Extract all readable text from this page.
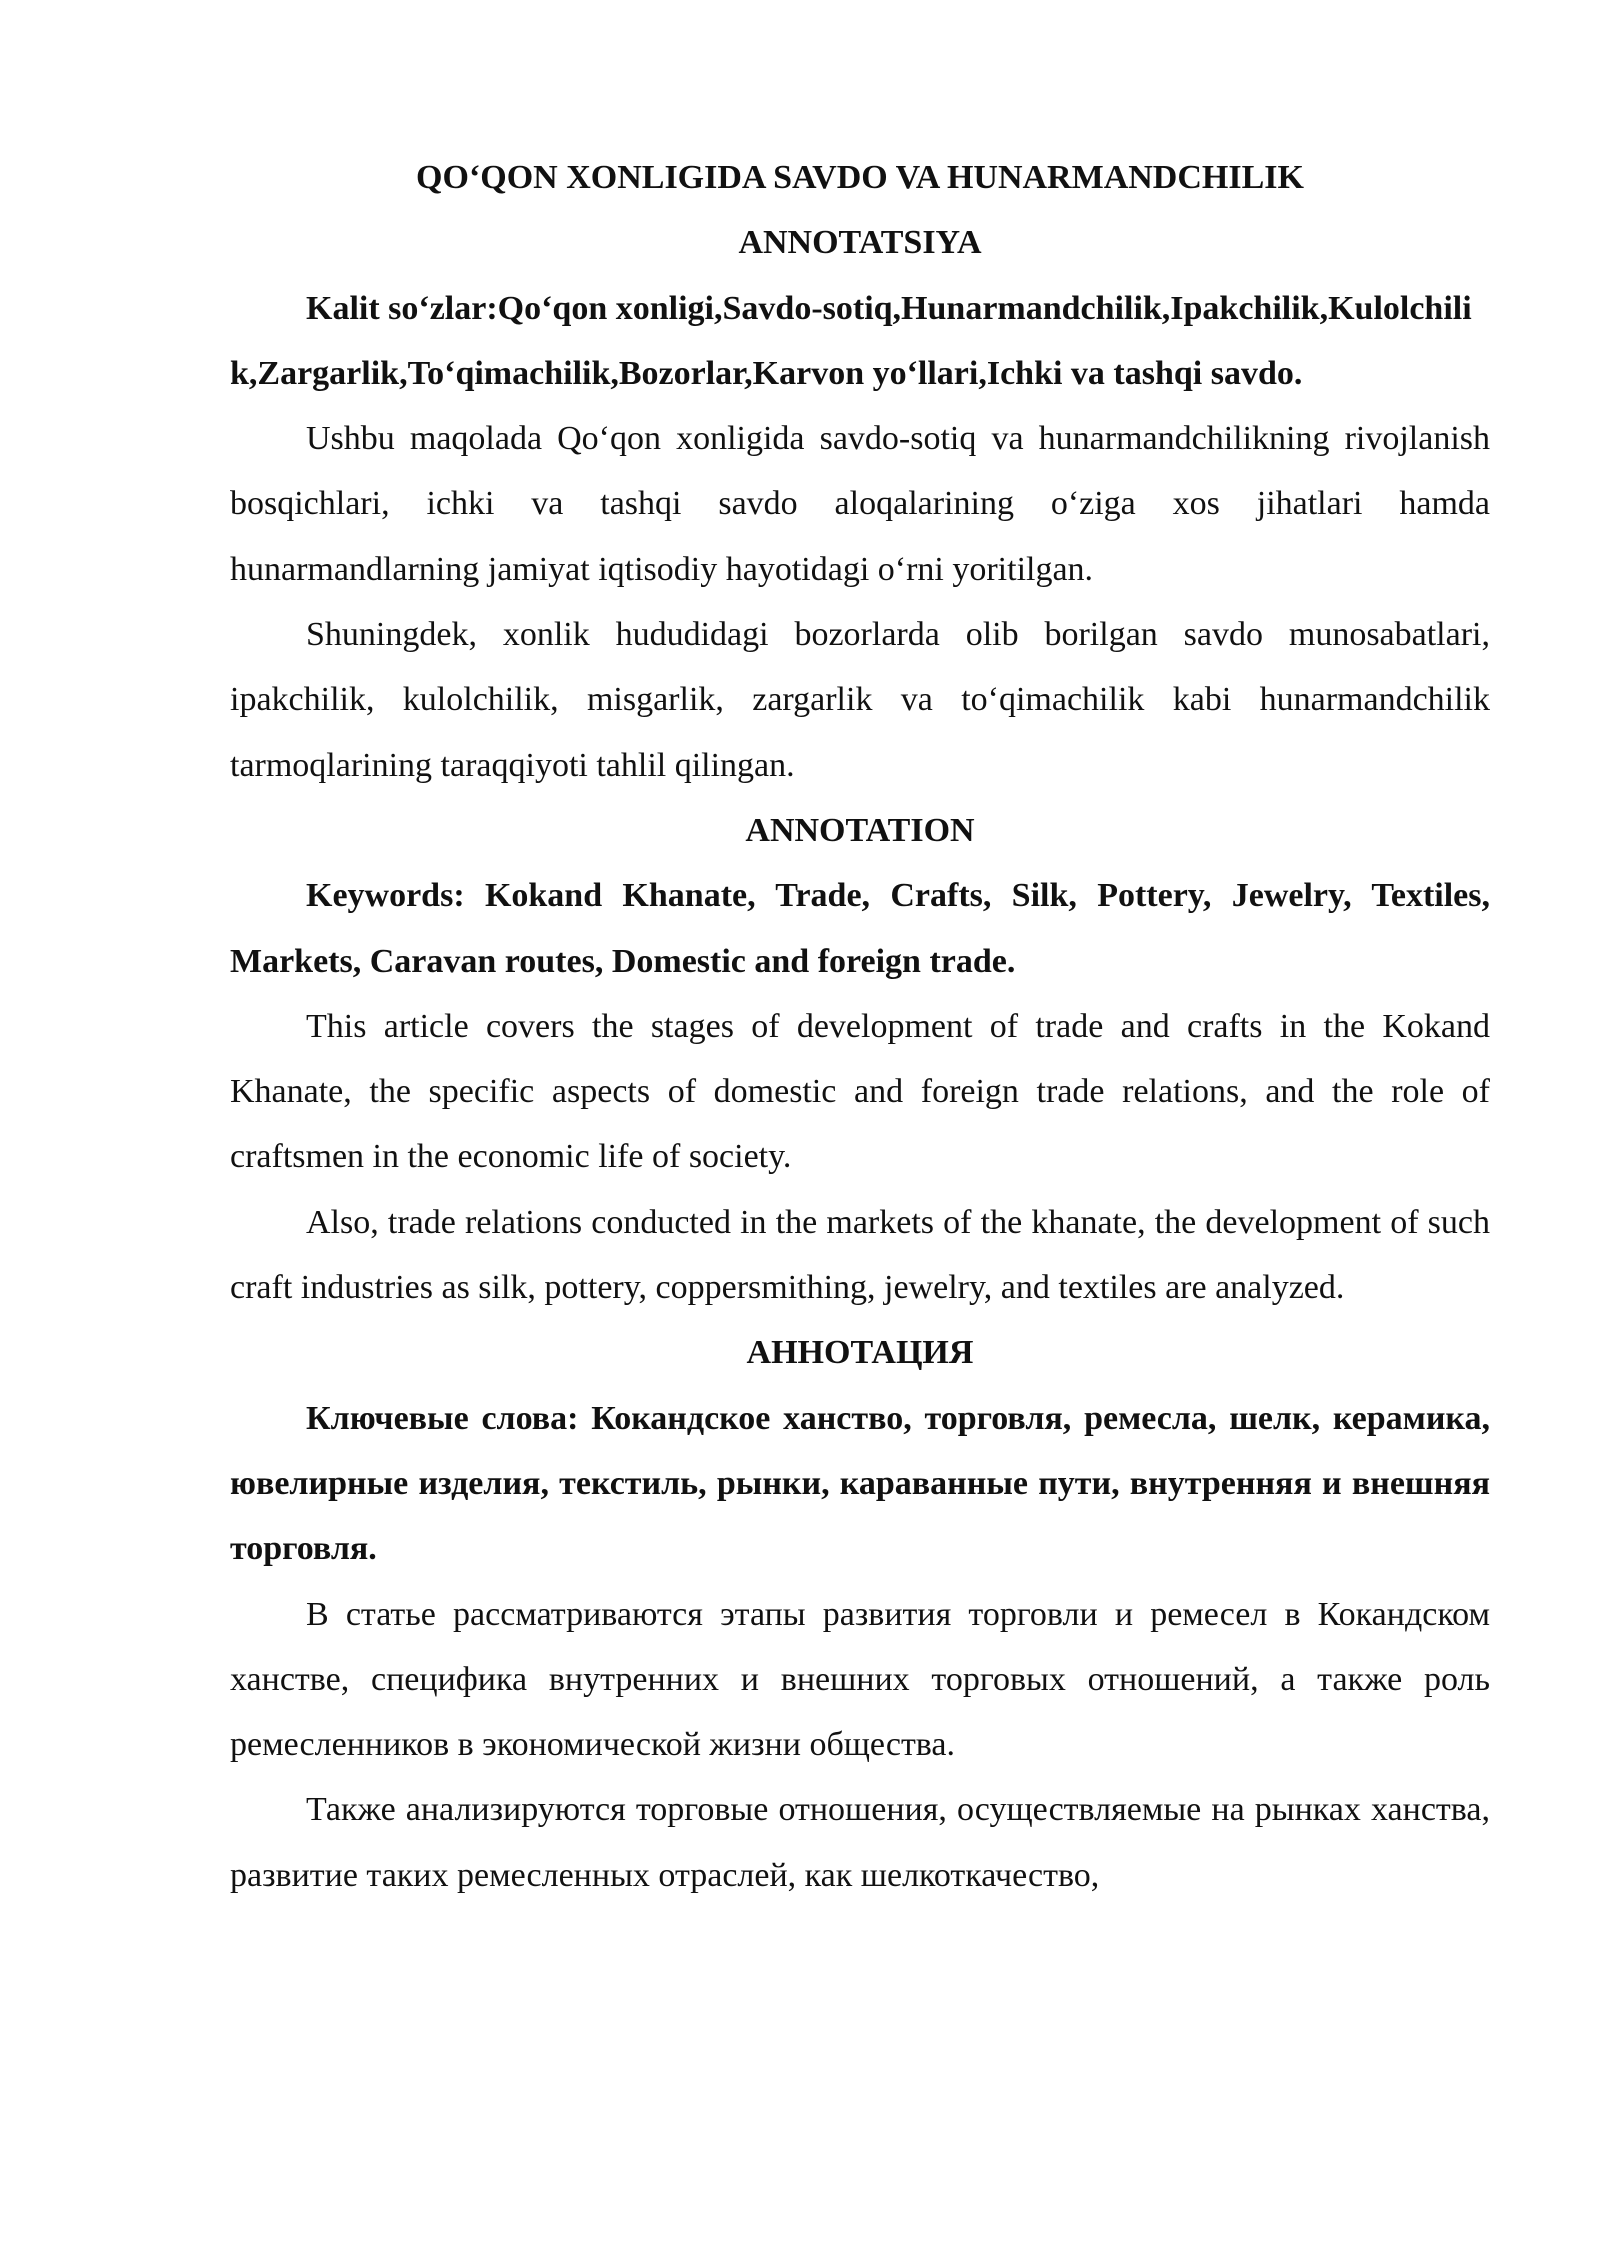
QO‘QON XONLIGIDA SAVDO VA HUNARMANDCHILIK
ANNOTATSIYA

Kalit so‘zlar:Qo‘qon xonligi,Savdo-sotiq,Hunarmandchilik,Ipakchilik,Kulolchilik,Zargarlik,To‘qimachilik,Bozorlar,Karvon yo‘llari,Ichki va tashqi savdo.

Ushbu maqolada Qo‘qon xonligida savdo-sotiq va hunarmandchilikning rivojlanish bosqichlari, ichki va tashqi savdo aloqalarining o‘ziga xos jihatlari hamda hunarmandlarning jamiyat iqtisodiy hayotidagi o‘rni yoritilgan.

Shuningdek, xonlik hududidagi bozorlarda olib borilgan savdo munosabatlari, ipakchilik, kulolchilik, misgarlik, zargarlik va to‘qimachilik kabi hunarmandchilik tarmoqlarining taraqqiyoti tahlil qilingan.

ANNOTATION

Keywords: Kokand Khanate, Trade, Crafts, Silk, Pottery, Jewelry, Textiles, Markets, Caravan routes, Domestic and foreign trade.

This article covers the stages of development of trade and crafts in the Kokand Khanate, the specific aspects of domestic and foreign trade relations, and the role of craftsmen in the economic life of society.

Also, trade relations conducted in the markets of the khanate, the development of such craft industries as silk, pottery, coppersmithing, jewelry, and textiles are analyzed.

АННОТАЦИЯ

Ключевые слова: Кокандское ханство, торговля, ремесла, шелк, керамика, ювелирные изделия, текстиль, рынки, караванные пути, внутренняя и внешняя торговля.

В статье рассматриваются этапы развития торговли и ремесел в Кокандском ханстве, специфика внутренних и внешних торговых отношений, а также роль ремесленников в экономической жизни общества.

Также анализируются торговые отношения, осуществляемые на рынках ханства, развитие таких ремесленных отраслей, как шелкоткачество,
